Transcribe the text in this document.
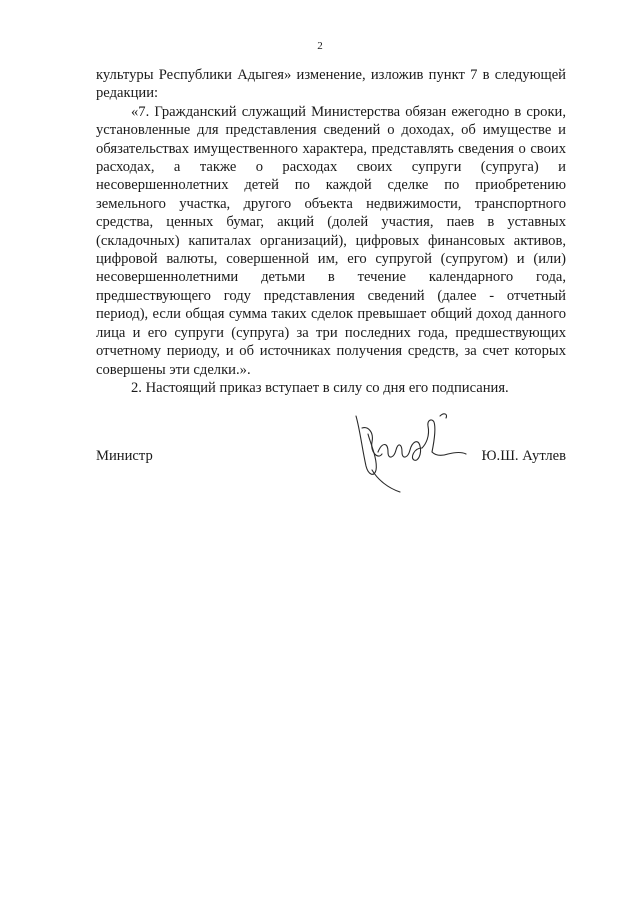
2

культуры Республики Адыгея» изменение, изложив пункт 7 в следующей редакции:

«7. Гражданский служащий Министерства обязан ежегодно в сроки, установленные для представления сведений о доходах, об имуществе и обязательствах имущественного характера, представлять сведения о своих расходах, а также о расходах своих супруги (супруга) и несовершеннолетних детей по каждой сделке по приобретению земельного участка, другого объекта недвижимости, транспортного средства, ценных бумаг, акций (долей участия, паев в уставных (складочных) капиталах организаций), цифровых финансовых активов, цифровой валюты, совершенной им, его супругой (супругом) и (или) несовершеннолетними детьми в течение календарного года, предшествующего году представления сведений (далее - отчетный период), если общая сумма таких сделок превышает общий доход данного лица и его супруги (супруга) за три последних года, предшествующих отчетному периоду, и об источниках получения средств, за счет которых совершены эти сделки.».

2. Настоящий приказ вступает в силу со дня его подписания.

Министр	Ю.Ш. Аутлев
